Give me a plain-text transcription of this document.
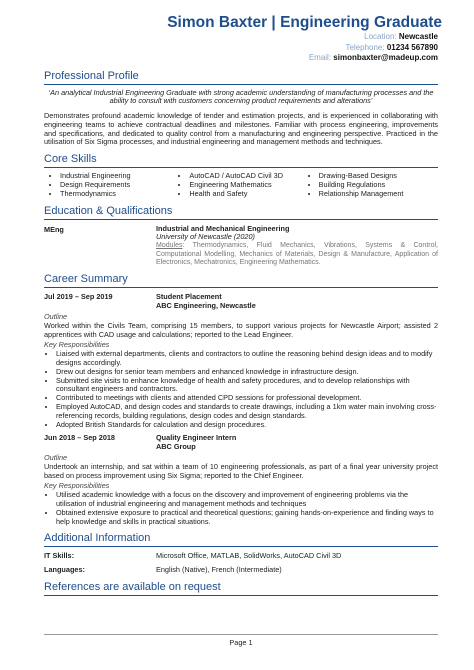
Simon Baxter | Engineering Graduate
Location: Newcastle
Telephone: 01234 567890
Email: simonbaxter@madeup.com
Professional Profile

‘An analytical Industrial Engineering Graduate with strong academic understanding of manufacturing processes and the ability to consult with customers concerning product requirements and alterations’

Demonstrates profound academic knowledge of tender and estimation projects, and is experienced in collaborating with engineering teams to achieve contractual deadlines and milestones. Familiar with process engineering, improvements and specifications, and dedicated to quality control from a manufacturing and engineering perspective. Practiced in the utilisation of Six Sigma processes, and industrial engineering and management methods and techniques.

Core Skills
• Industrial Engineering
• Design Requirements
• Thermodynamics
• AutoCAD / AutoCAD Civil 3D
• Engineering Mathematics
• Health and Safety
• Drawing-Based Designs
• Building Regulations
• Relationship Management
Education & Qualifications
MEng	Industrial and Mechanical Engineering
University of Newcastle (2020)
Modules: Thermodynamics, Fluid Mechanics, Vibrations, Systems & Control, Computational Modelling, Mechanics of Materials, Design & Manufacture, Application of Electronics, Mechatronics, Engineering Mathematics.
Career Summary
Jul 2019 – Sep 2019	Student Placement
ABC Engineering, Newcastle
Outline

Worked within the Civils Team, comprising 15 members, to support various projects for Newcastle Airport; assisted 2 apprentices with CAD usage and calculations; reported to the Lead Engineer.

Key Responsibilities
• Liaised with external departments, clients and contractors to outline the reasoning behind design ideas and to modify designs accordingly.
• Drew out designs for senior team members and enhanced knowledge in infrastructure design.
• Submitted site visits to enhance knowledge of health and safety procedures, and to develop relationships with consultant engineers and contractors.
• Contributed to meetings with clients and attended CPD sessions for professional development.
• Employed AutoCAD, and design codes and standards to create drawings, including a 1km water main involving cross-referencing records, building regulations, design codes and design standards.
• Adopted British Standards for calculation and design procedures.
Jun 2018 – Sep 2018	Quality Engineer Intern
ABC Group
Outline

Undertook an internship, and sat within a team of 10 engineering professionals, as part of a final year university project based on process improvement using Six Sigma; reported to the Chief Engineer.

Key Responsibilities
• Utilised academic knowledge with a focus on the discovery and improvement of engineering problems via the utilisation of industrial engineering and management methods and techniques
• Obtained extensive exposure to practical and theoretical questions; gaining hands-on-experience and finding ways to help knowledge and skills in practical situations.
Additional Information
IT Skills:	Microsoft Office, MATLAB, SolidWorks, AutoCAD Civil 3D
Languages:	English (Native), French (Intermediate)
References are available on request
Page 1
